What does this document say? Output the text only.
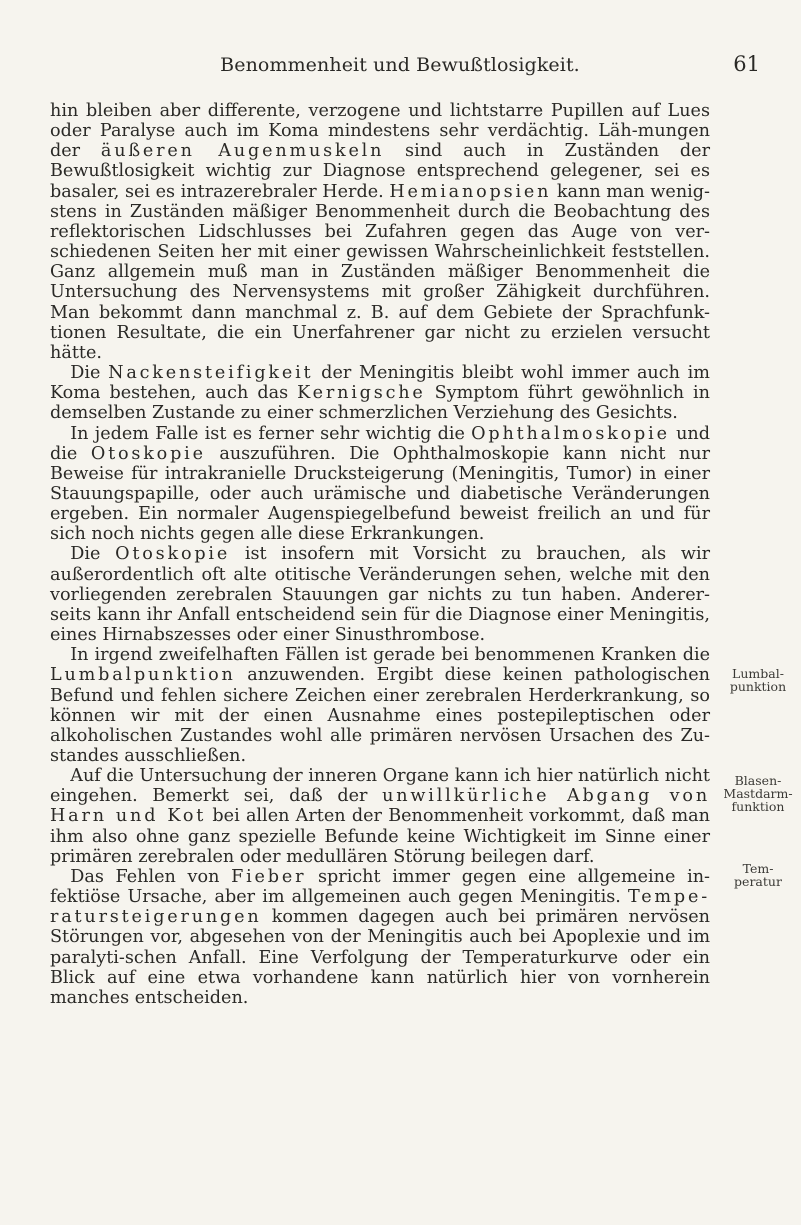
Benommenheit und Bewußtlosigkeit.	61

hin bleiben aber differente, verzogene und lichtstarre Pupillen auf Lues oder Paralyse auch im Koma mindestens sehr verdächtig. Läh-mungen der äußeren Augenmuskeln sind auch in Zuständen der Bewußtlosigkeit wichtig zur Diagnose entsprechend gelegener, sei es basaler, sei es intrazerebraler Herde. Hemianopsien kann man wenig-stens in Zuständen mäßiger Benommenheit durch die Beobachtung des reflektorischen Lidschlusses bei Zufahren gegen das Auge von ver-schiedenen Seiten her mit einer gewissen Wahrscheinlichkeit feststellen. Ganz allgemein muß man in Zuständen mäßiger Benommenheit die Untersuchung des Nervensystems mit großer Zähigkeit durchführen. Man bekommt dann manchmal z. B. auf dem Gebiete der Sprachfunk-tionen Resultate, die ein Unerfahrener gar nicht zu erzielen versucht hätte.

Die Nackensteifigkeit der Meningitis bleibt wohl immer auch im Koma bestehen, auch das Kernigsche Symptom führt gewöhnlich in demselben Zustande zu einer schmerzlichen Verziehung des Gesichts.

In jedem Falle ist es ferner sehr wichtig die Ophthalmoskopie und die Otoskopie auszuführen. Die Ophthalmoskopie kann nicht nur Beweise für intrakranielle Drucksteigerung (Meningitis, Tumor) in einer Stauungspapille, oder auch urämische und diabetische Veränderungen ergeben. Ein normaler Augenspiegelbefund beweist freilich an und für sich noch nichts gegen alle diese Erkrankungen.

Die Otoskopie ist insofern mit Vorsicht zu brauchen, als wir außerordentlich oft alte otitische Veränderungen sehen, welche mit den vorliegenden zerebralen Stauungen gar nichts zu tun haben. Anderer-seits kann ihr Anfall entscheidend sein für die Diagnose einer Meningitis, eines Hirnabszesses oder einer Sinusthrombose.

In irgend zweifelhaften Fällen ist gerade bei benommenen Kranken die Lumbalpunktion anzuwenden. Ergibt diese keinen pathologischen Befund und fehlen sichere Zeichen einer zerebralen Herderkrankung, so können wir mit der einen Ausnahme eines postepileptischen oder alkoholischen Zustandes wohl alle primären nervösen Ursachen des Zu-standes ausschließen.

Auf die Untersuchung der inneren Organe kann ich hier natürlich nicht eingehen. Bemerkt sei, daß der unwillkürliche Abgang von Harn und Kot bei allen Arten der Benommenheit vorkommt, daß man ihm also ohne ganz spezielle Befunde keine Wichtigkeit im Sinne einer primären zerebralen oder medullären Störung beilegen darf.

Das Fehlen von Fieber spricht immer gegen eine allgemeine in-fektiöse Ursache, aber im allgemeinen auch gegen Meningitis. Tempe-ratursteigerungen kommen dagegen auch bei primären nervösen Störungen vor, abgesehen von der Meningitis auch bei Apoplexie und im paralyti-schen Anfall. Eine Verfolgung der Temperaturkurve oder ein Blick auf eine etwa vorhandene kann natürlich hier von vornherein manches entscheiden.

Lumbal-
punktion
Blasen-
Mastdarm-
funktion
Tem-
peratur
